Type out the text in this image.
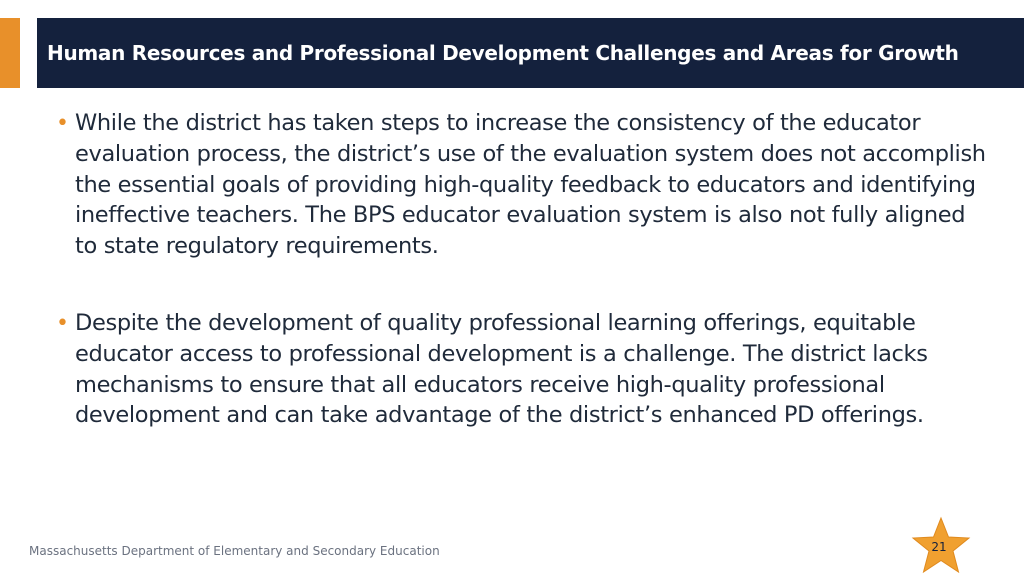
Human Resources and Professional Development Challenges and Areas for Growth
• While the district has taken steps to increase the consistency of the educator evaluation process, the district’s use of the evaluation system does not accomplish the essential goals of providing high-quality feedback to educators and identifying ineffective teachers. The BPS educator evaluation system is also not fully aligned to state regulatory requirements.
• Despite the development of quality professional learning offerings, equitable educator access to professional development is a challenge. The district lacks mechanisms to ensure that all educators receive high-quality professional development and can take advantage of the district’s enhanced PD offerings.
Massachusetts Department of Elementary and Secondary Education	21
